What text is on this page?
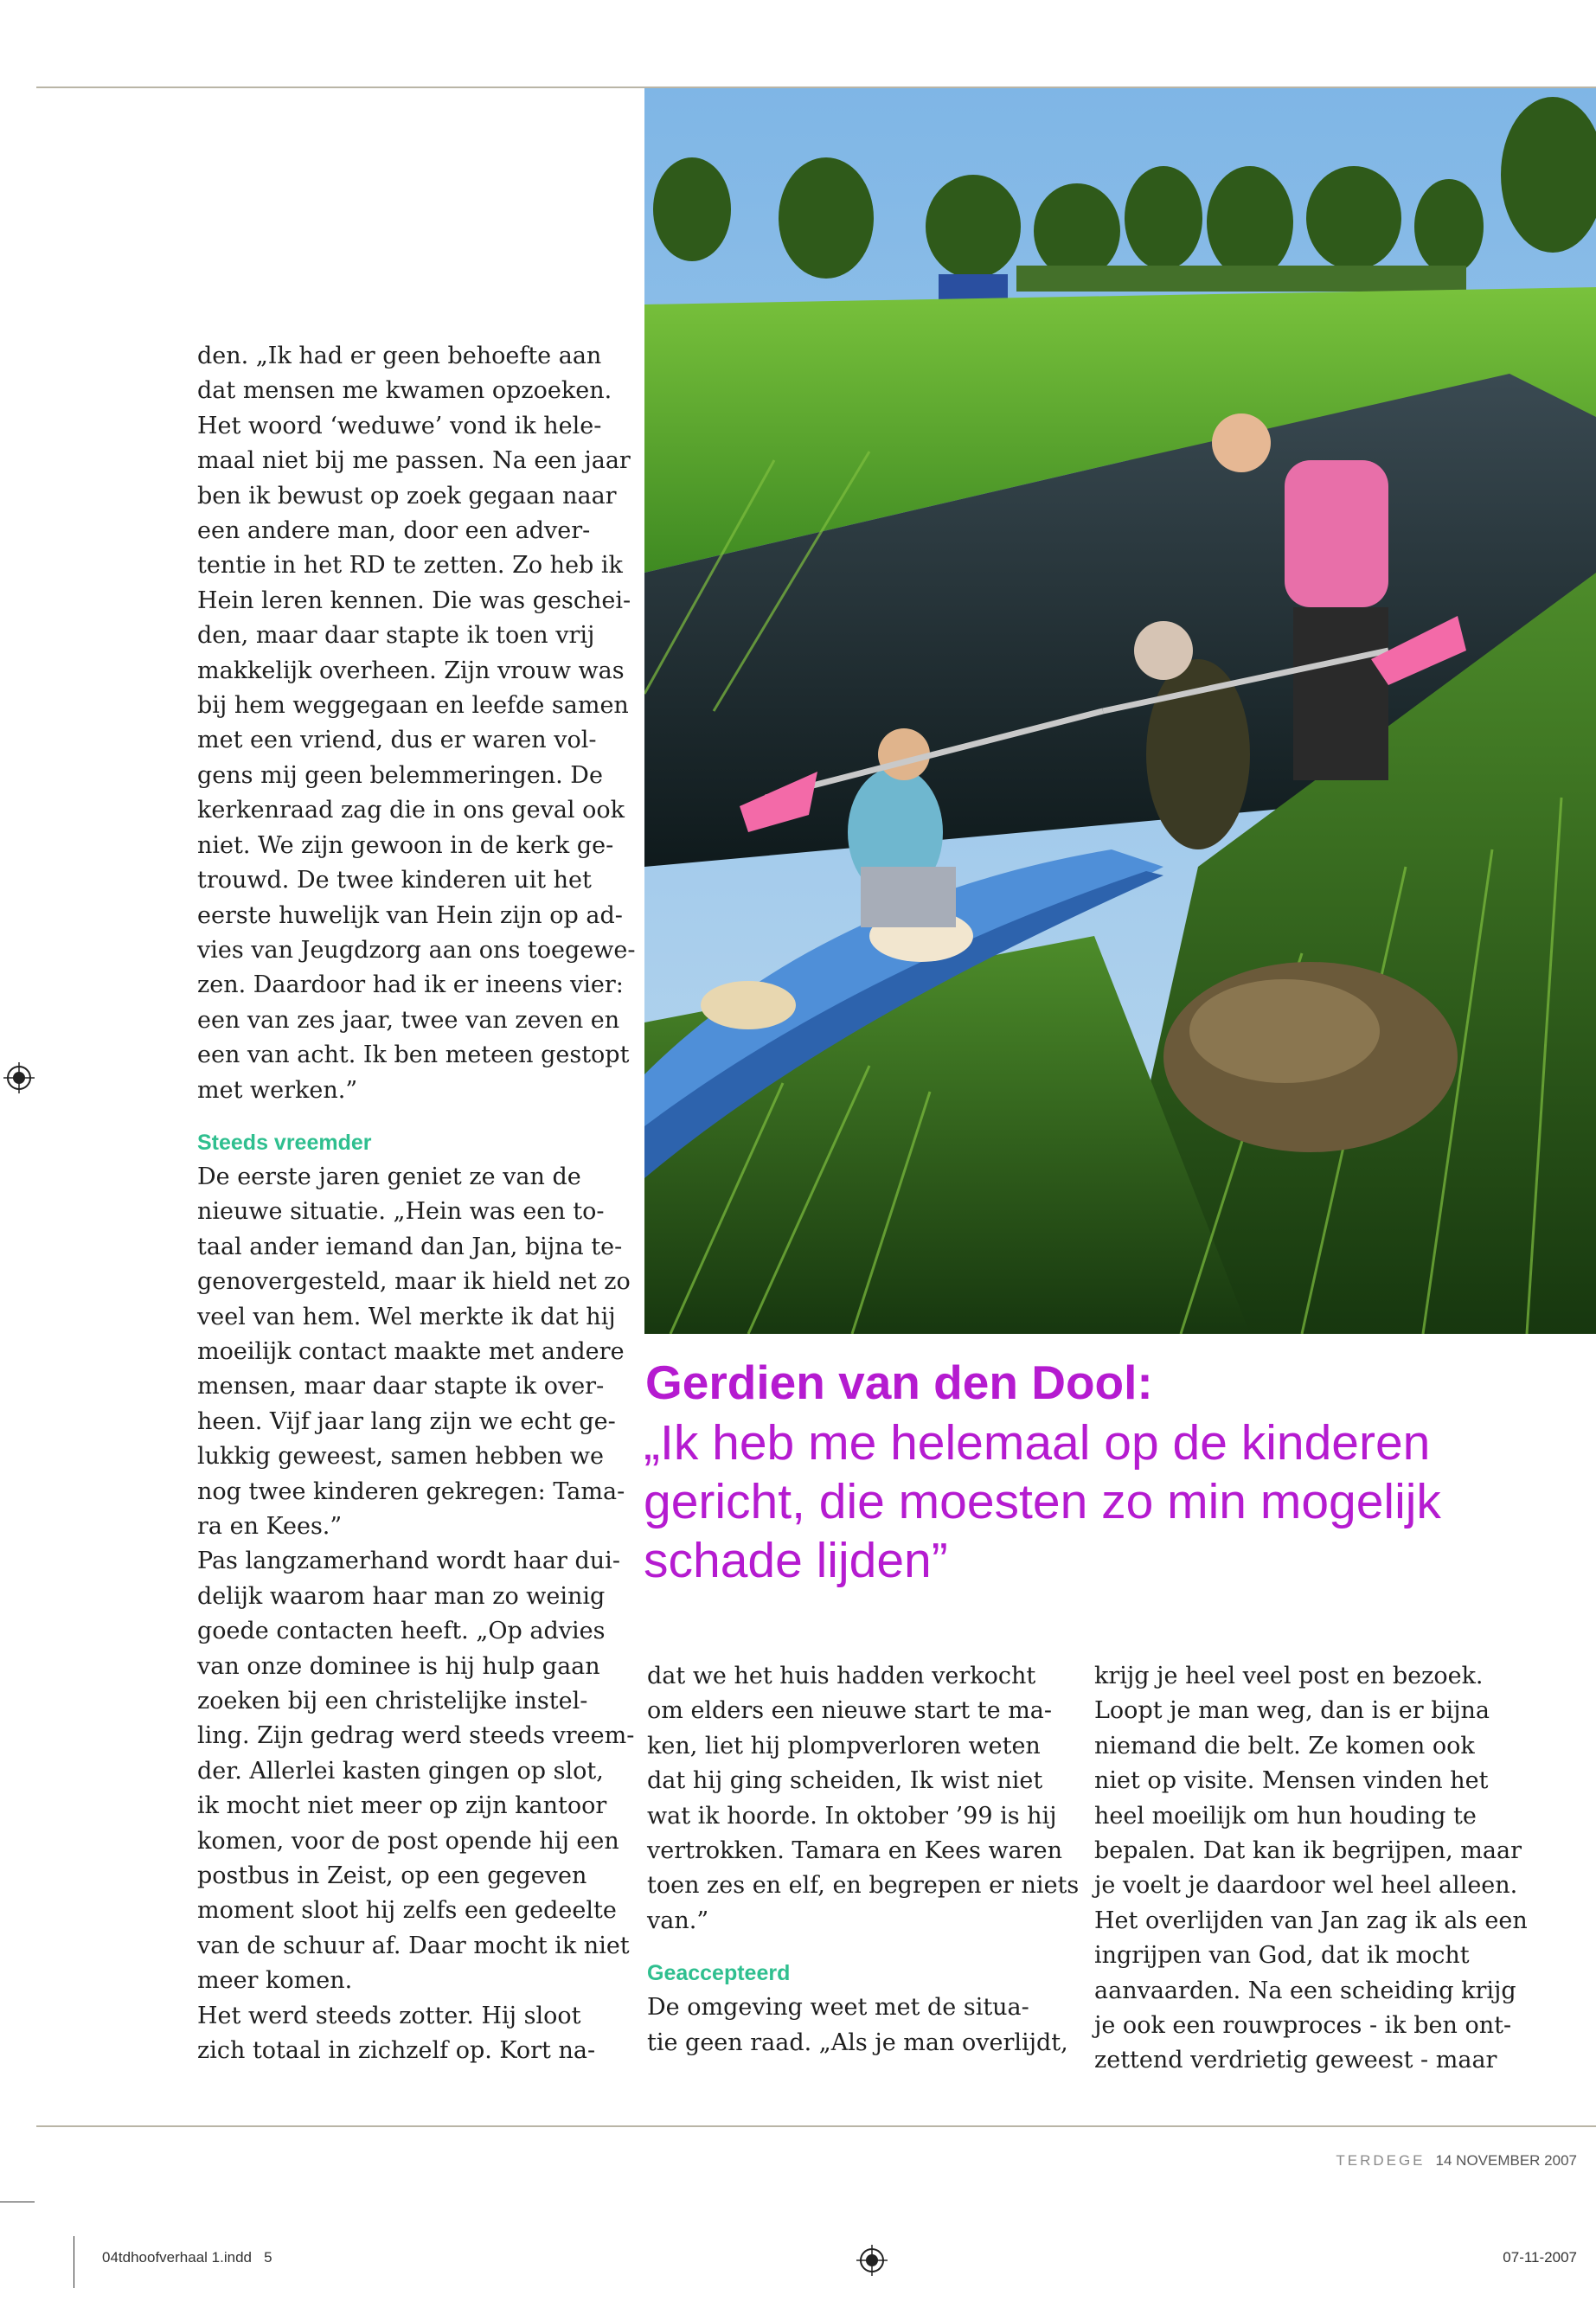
den. „Ik had er geen behoefte aan
dat mensen me kwamen opzoeken.
Het woord ‘weduwe’ vond ik hele-
maal niet bij me passen. Na een jaar
ben ik bewust op zoek gegaan naar
een andere man, door een adver-
tentie in het RD te zetten. Zo heb ik
Hein leren kennen. Die was geschei-
den, maar daar stapte ik toen vrij
makkelijk overheen. Zijn vrouw was
bij hem weggegaan en leefde samen
met een vriend, dus er waren vol-
gens mij geen belemmeringen. De
kerkenraad zag die in ons geval ook
niet. We zijn gewoon in de kerk ge-
trouwd. De twee kinderen uit het
eerste huwelijk van Hein zijn op ad-
vies van Jeugdzorg aan ons toegewe-
zen. Daardoor had ik er ineens vier:
een van zes jaar, twee van zeven en
een van acht. Ik ben meteen gestopt
met werken.”
Steeds vreemder
De eerste jaren geniet ze van de
nieuwe situatie. „Hein was een to-
taal ander iemand dan Jan, bijna te-
genovergesteld, maar ik hield net zo
veel van hem. Wel merkte ik dat hij
moeilijk contact maakte met andere
mensen, maar daar stapte ik over-
heen. Vijf jaar lang zijn we echt ge-
lukkig geweest, samen hebben we
nog twee kinderen gekregen: Tama-
ra en Kees.”
Pas langzamerhand wordt haar dui-
delijk waarom haar man zo weinig
goede contacten heeft. „Op advies
van onze dominee is hij hulp gaan
zoeken bij een christelijke instel-
ling. Zijn gedrag werd steeds vreem-
der. Allerlei kasten gingen op slot,
ik mocht niet meer op zijn kantoor
komen, voor de post opende hij een
postbus in Zeist, op een gegeven
moment sloot hij zelfs een gedeelte
van de schuur af. Daar mocht ik niet
meer komen.
Het werd steeds zotter. Hij sloot
zich totaal in zichzelf op. Kort na-
Gerdien van den Dool:
„Ik heb me helemaal op de kinderen
gericht, die moesten zo min mogelijk
schade lijden”
dat we het huis hadden verkocht
om elders een nieuwe start te ma-
ken, liet hij plompverloren weten
dat hij ging scheiden, Ik wist niet
wat ik hoorde. In oktober ’99 is hij
vertrokken. Tamara en Kees waren
toen zes en elf, en begrepen er niets
van.”
Geaccepteerd
De omgeving weet met de situa-
tie geen raad. „Als je man overlijdt,
krijg je heel veel post en bezoek.
Loopt je man weg, dan is er bijna
niemand die belt. Ze komen ook
niet op visite. Mensen vinden het
heel moeilijk om hun houding te
bepalen. Dat kan ik begrijpen, maar
je voelt je daardoor wel heel alleen.
Het overlijden van Jan zag ik als een
ingrijpen van God, dat ik mocht
aanvaarden. Na een scheiding krijg
je ook een rouwproces - ik ben ont-
zettend verdrietig geweest - maar
TERDEGE 14 NOVEMBER 2007
04tdhoofverhaal 1.indd   5	07-11-2007
